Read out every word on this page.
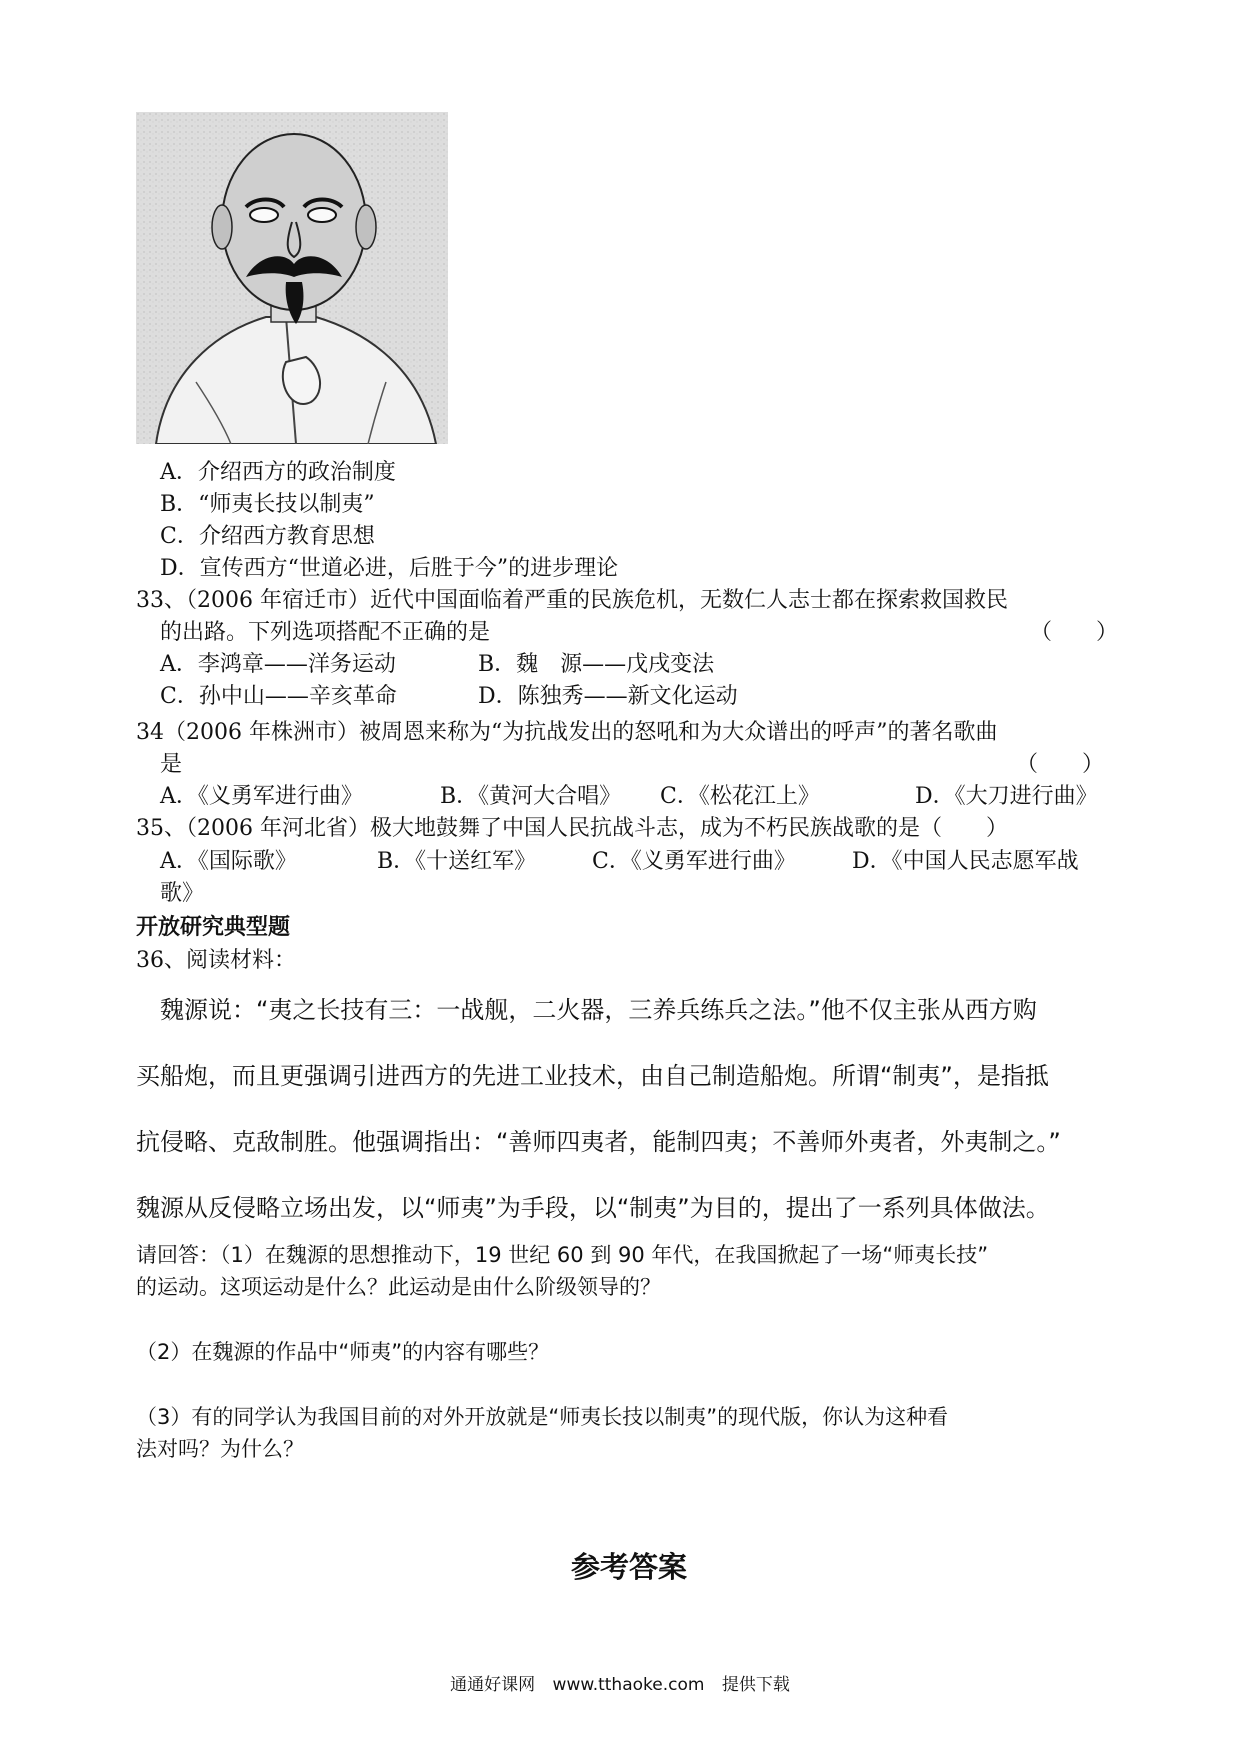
A．介绍西方的政治制度
B．“师夷长技以制夷”
C．介绍西方教育思想
D．宣传西方“世道必进，后胜于今”的进步理论
33、（2006 年宿迁市）近代中国面临着严重的民族危机，无数仁人志士都在探索救国救民
的出路。下列选项搭配不正确的是	（　　）
A．李鸿章——洋务运动	B．魏　源——戊戌变法
C．孙中山——辛亥革命	D．陈独秀——新文化运动
34（2006 年株洲市）被周恩来称为“为抗战发出的怒吼和为大众谱出的呼声”的著名歌曲
是	（　　）
A．《义勇军进行曲》	B．《黄河大合唱》 C．《松花江上》	D．《大刀进行曲》
35、（2006 年河北省）极大地鼓舞了中国人民抗战斗志，成为不朽民族战歌的是（　　）
A．《国际歌》	B．《十送红军》	C．《义勇军进行曲》	D．《中国人民志愿军战
歌》
开放研究典型题
36、阅读材料：
　魏源说：“夷之长技有三：一战舰，二火器，三养兵练兵之法。”他不仅主张从西方购
买船炮，而且更强调引进西方的先进工业技术，由自己制造船炮。所谓“制夷”，是指抵
抗侵略、克敌制胜。他强调指出：“善师四夷者，能制四夷；不善师外夷者，外夷制之。”
魏源从反侵略立场出发，以“师夷”为手段，以“制夷”为目的，提出了一系列具体做法。
请回答：（1）在魏源的思想推动下，19 世纪 60 到 90 年代，在我国掀起了一场“师夷长技”
的运动。这项运动是什么？此运动是由什么阶级领导的？
（2）在魏源的作品中“师夷”的内容有哪些？
（3）有的同学认为我国目前的对外开放就是“师夷长技以制夷”的现代版，你认为这种看
法对吗？为什么？
参考答案
通通好课网 www.tthaoke.com 提供下载
